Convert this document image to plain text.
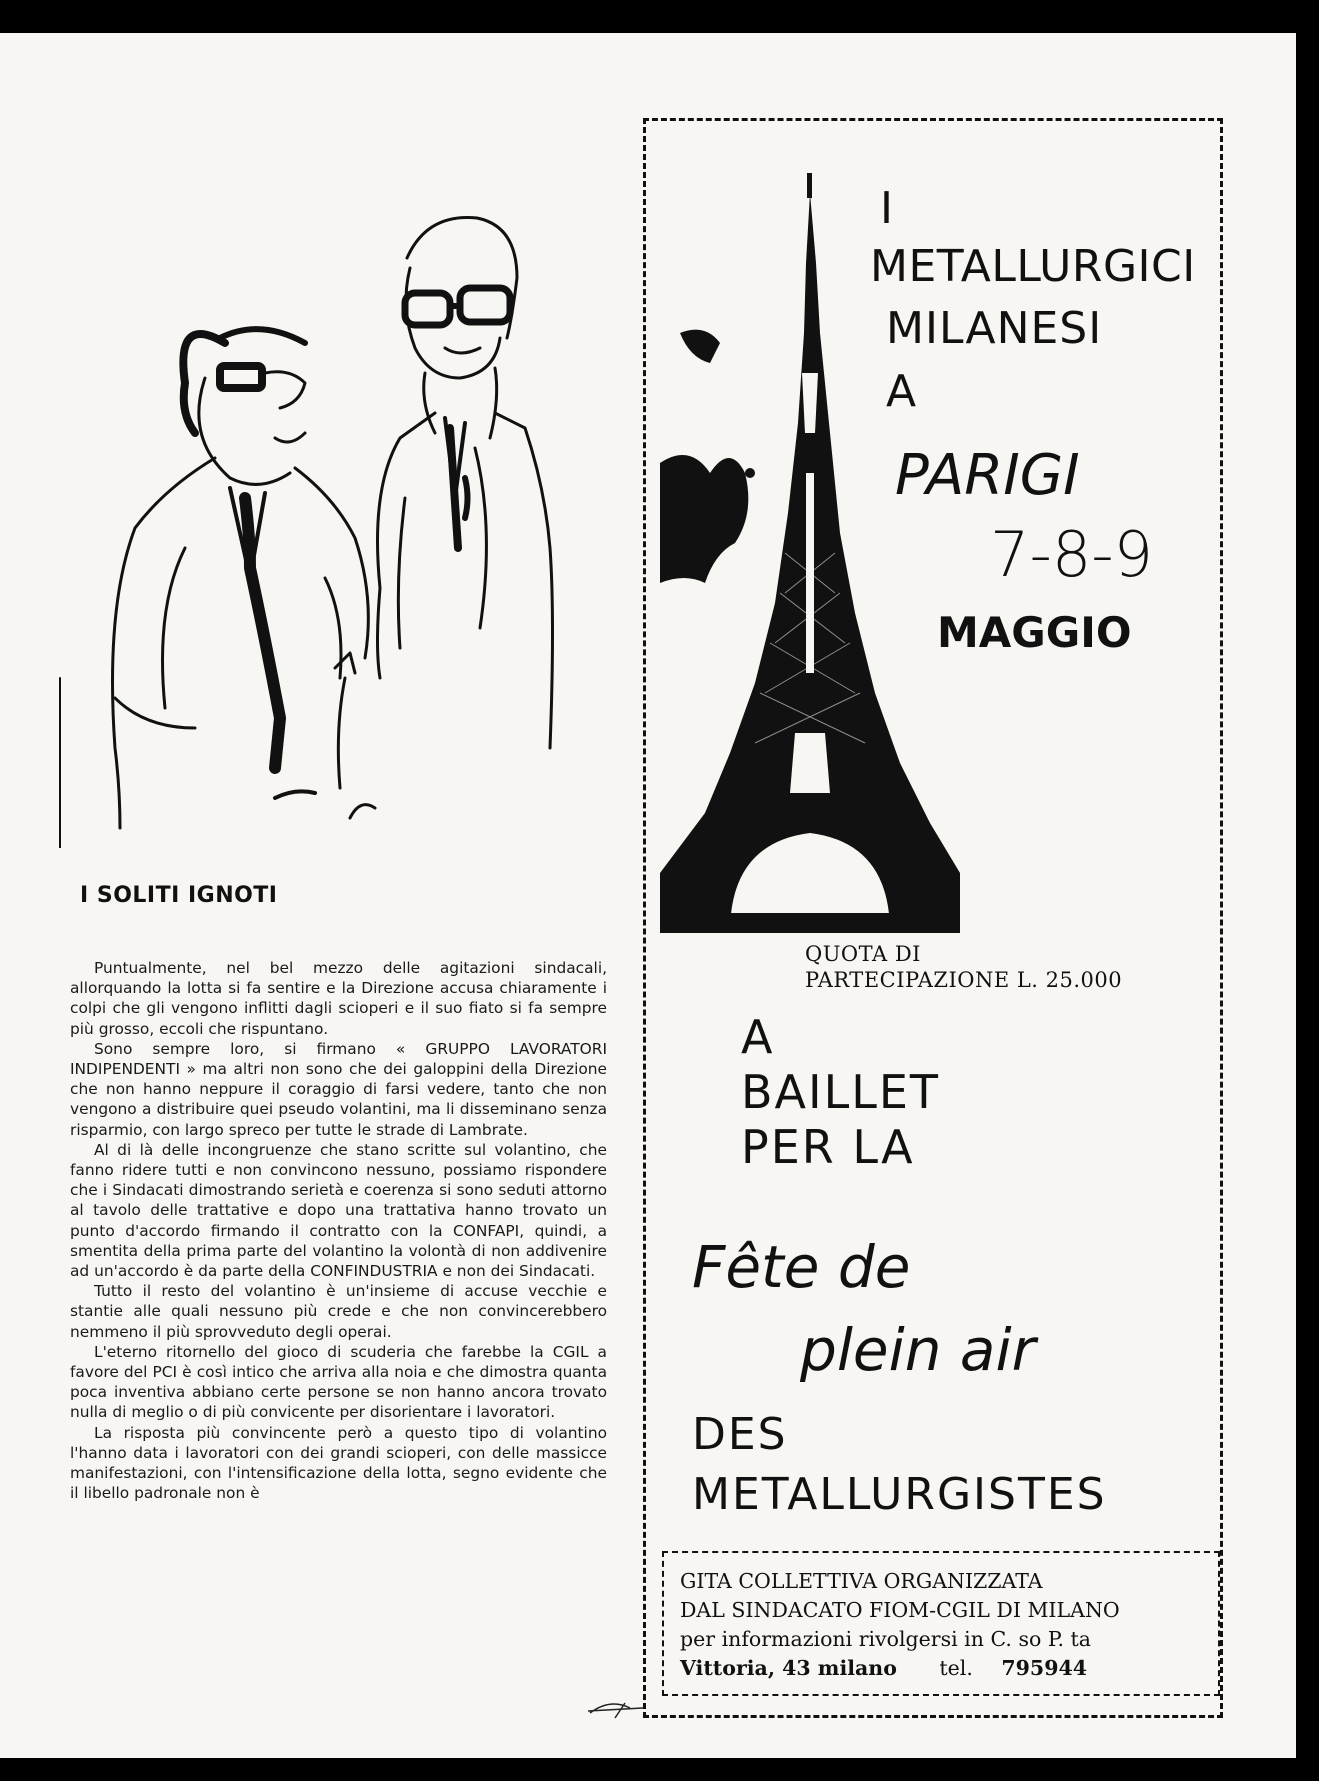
I SOLITI IGNOTI

Puntualmente, nel bel mezzo delle agitazioni sindacali, allorquando la lotta si fa sentire e la Direzione accusa chiaramente i colpi che gli vengono inflitti dagli scioperi e il suo fiato si fa sempre più grosso, eccoli che rispuntano.

Sono sempre loro, si firmano « GRUPPO LAVORATORI INDIPENDENTI » ma altri non sono che dei galoppini della Direzione che non hanno neppure il coraggio di farsi vedere, tanto che non vengono a distribuire quei pseudo volantini, ma li disseminano senza risparmio, con largo spreco per tutte le strade di Lambrate.

Al di là delle incongruenze che stano scritte sul volantino, che fanno ridere tutti e non convincono nessuno, possiamo rispondere che i Sindacati dimostrando serietà e coerenza si sono seduti attorno al tavolo delle trattative e dopo una trattativa hanno trovato un punto d'accordo firmando il contratto con la CONFAPI, quindi, a smentita della prima parte del volantino la volontà di non addivenire ad un'accordo è da parte della CONFINDUSTRIA e non dei Sindacati.

Tutto il resto del volantino è un'insieme di accuse vecchie e stantie alle quali nessuno più crede e che non convincerebbero nemmeno il più sprovveduto degli operai.

L'eterno ritornello del gioco di scuderia che farebbe la CGIL a favore del PCI è così intico che arriva alla noia e che dimostra quanta poca inventiva abbiano certe persone se non hanno ancora trovato nulla di meglio o di più convicente per disorientare i lavoratori.

La risposta più convincente però a questo tipo di volantino l'hanno data i lavoratori con dei grandi scioperi, con delle massicce manifestazioni, con l'intensificazione della lotta, segno evidente che il libello padronale non è

I
METALLURGICI
MILANESI
A
PARIGI
7-8-9
MAGGIO
QUOTA DI
PARTECIPAZIONE L. 25.000
A
BAILLET
PER LA
Fête de
plein air
DES
METALLURGISTES
GITA COLLETTIVA ORGANIZZATA
DAL SINDACATO FIOM-CGIL DI MILANO
per informazioni rivolgersi in C. so P. ta
Vittoria, 43 milano tel. 795944
